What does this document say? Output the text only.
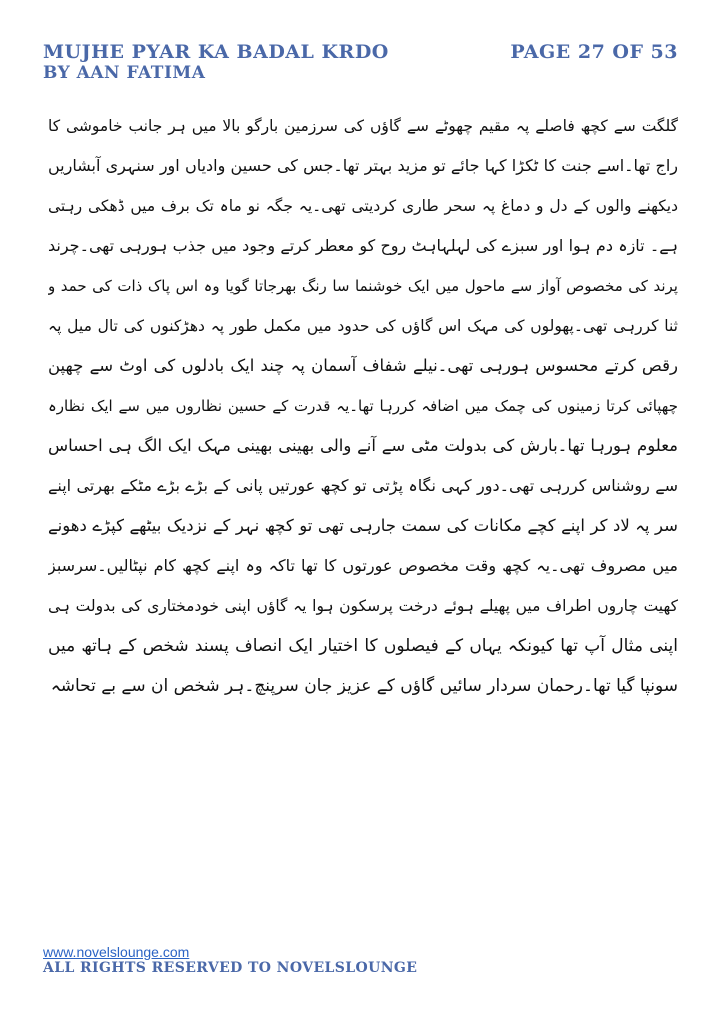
MUJHE PYAR KA BADAL KRDO
BY AAN FATIMA
PAGE 27 OF 53
گلگت سے کچھ فاصلے پہ مقیم چھوٹے سے گاؤں کی سرزمین بارگو بالا میں ہر جانب خاموشی کا
راج تھا۔اسے جنت کا ٹکڑا کہا جائے تو مزید بہتر تھا۔جس کی حسین وادیاں اور سنہری آبشاریں
دیکھنے والوں کے دل و دماغ پہ سحر طاری کردیتی تھی۔یہ جگہ نو ماہ تک برف میں ڈھکی رہتی
ہے۔ تازہ دم ہوا اور سبزے کی لہلہاہٹ روح کو معطر کرتے وجود میں جذب ہورہی تھی۔چرند
پرند کی مخصوص آواز سے ماحول میں ایک خوشنما سا رنگ بھرجاتا گویا وہ اس پاک ذات کی حمد و
ثنا کررہی تھی۔پھولوں کی مہک اس گاؤں کی حدود میں مکمل طور پہ دھڑکنوں کی تال میل پہ
رقص کرتے محسوس ہورہی تھی۔نیلے شفاف آسمان پہ چند ایک بادلوں کی اوٹ سے چھپن
چھپائی کرتا زمینوں کی چمک میں اضافہ کررہا تھا۔یہ قدرت کے حسین نظاروں میں سے ایک نظارہ
معلوم ہورہا تھا۔بارش کی بدولت مٹی سے آنے والی بھینی بھینی مہک ایک الگ ہی احساس
سے روشناس کررہی تھی۔دور کہی نگاہ پڑتی تو کچھ عورتیں پانی کے بڑے بڑے مٹکے بھرتی اپنے
سر پہ لاد کر اپنے کچے مکانات کی سمت جارہی تھی تو کچھ نہر کے نزدیک بیٹھے کپڑے دھونے
میں مصروف تھی۔یہ کچھ وقت مخصوص عورتوں کا تھا تاکہ وہ اپنے کچھ کام نپٹالیں۔سرسبز
کھیت چاروں اطراف میں پھیلے ہوئے درخت پرسکون ہوا یہ گاؤں اپنی خودمختاری کی بدولت ہی
اپنی مثال آپ تھا کیونکہ یہاں کے فیصلوں کا اختیار ایک انصاف پسند شخص کے ہاتھ میں
سونپا گیا تھا۔رحمان سردار سائیں گاؤں کے عزیز جان سرپنچ۔ہر شخص ان سے بے تحاشہ
www.novelslounge.com
ALL RIGHTS RESERVED TO NOVELSLOUNGE
